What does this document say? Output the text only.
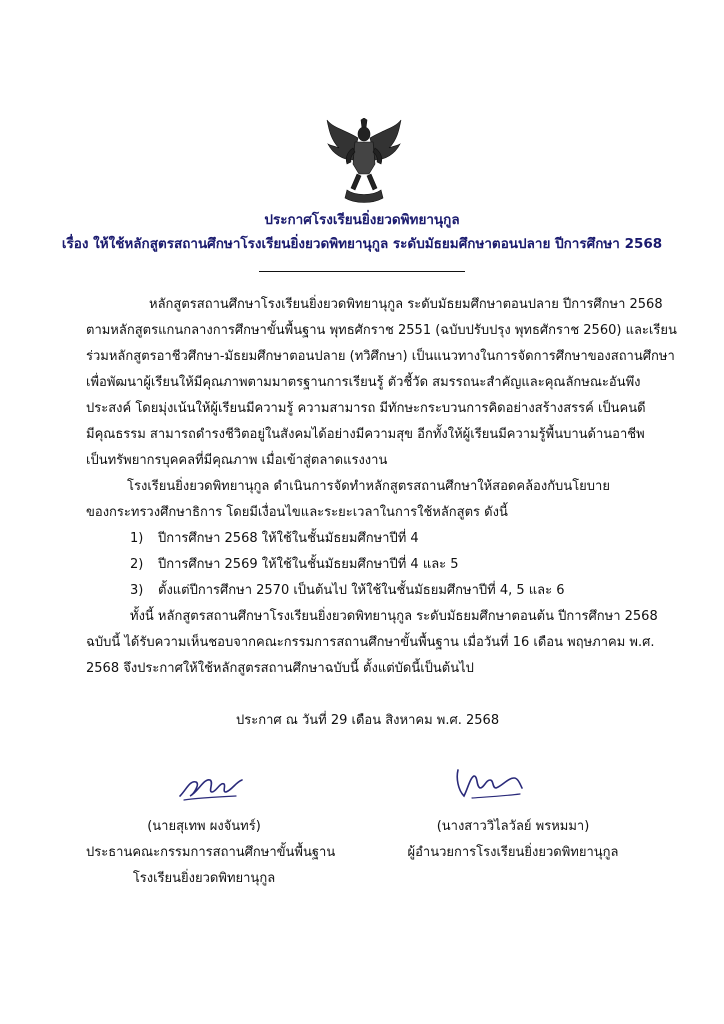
ประกาศโรงเรียนยิ่งยวดพิทยานุกูล
เรื่อง ให้ใช้หลักสูตรสถานศึกษาโรงเรียนยิ่งยวดพิทยานุกูล ระดับมัธยมศึกษาตอนปลาย ปีการศึกษา 2568
หลักสูตรสถานศึกษาโรงเรียนยิ่งยวดพิทยานุกูล ระดับมัธยมศึกษาตอนปลาย ปีการศึกษา 2568
ตามหลักสูตรแกนกลางการศึกษาขั้นพื้นฐาน พุทธศักราช 2551 (ฉบับปรับปรุง พุทธศักราช 2560) และเรียน
ร่วมหลักสูตรอาชีวศึกษา-มัธยมศึกษาตอนปลาย (ทวิศึกษา) เป็นแนวทางในการจัดการศึกษาของสถานศึกษา
เพื่อพัฒนาผู้เรียนให้มีคุณภาพตามมาตรฐานการเรียนรู้ ตัวชี้วัด สมรรถนะสำคัญและคุณลักษณะอันพึง
ประสงค์ โดยมุ่งเน้นให้ผู้เรียนมีความรู้ ความสามารถ มีทักษะกระบวนการคิดอย่างสร้างสรรค์ เป็นคนดี
มีคุณธรรม สามารถดำรงชีวิตอยู่ในสังคมได้อย่างมีความสุข อีกทั้งให้ผู้เรียนมีความรู้พื้นบานด้านอาชีพ
เป็นทรัพยากรบุคคลที่มีคุณภาพ เมื่อเข้าสู่ตลาดแรงงาน
โรงเรียนยิ่งยวดพิทยานุกูล ดำเนินการจัดทำหลักสูตรสถานศึกษาให้สอดคล้องกับนโยบาย
ของกระทรวงศึกษาธิการ โดยมีเงื่อนไขและระยะเวลาในการใช้หลักสูตร ดังนี้
1) ปีการศึกษา 2568 ให้ใช้ในชั้นมัธยมศึกษาปีที่ 4
2) ปีการศึกษา 2569 ให้ใช้ในชั้นมัธยมศึกษาปีที่ 4 และ 5
3) ตั้งแต่ปีการศึกษา 2570 เป็นต้นไป ให้ใช้ในชั้นมัธยมศึกษาปีที่ 4, 5 และ 6
ทั้งนี้ หลักสูตรสถานศึกษาโรงเรียนยิ่งยวดพิทยานุกูล ระดับมัธยมศึกษาตอนต้น ปีการศึกษา 2568
ฉบับนี้ ได้รับความเห็นชอบจากคณะกรรมการสถานศึกษาขั้นพื้นฐาน เมื่อวันที่ 16 เดือน พฤษภาคม พ.ศ.
2568 จึงประกาศให้ใช้หลักสูตรสถานศึกษาฉบับนี้ ตั้งแต่บัดนี้เป็นต้นไป
ประกาศ ณ วันที่ 29 เดือน สิงหาคม พ.ศ. 2568
(นายสุเทพ ผงจันทร์)
ประธานคณะกรรมการสถานศึกษาขั้นพื้นฐาน
โรงเรียนยิ่งยวดพิทยานุกูล
(นางสาววิไลวัลย์ พรหมมา)
ผู้อำนวยการโรงเรียนยิ่งยวดพิทยานุกูล
